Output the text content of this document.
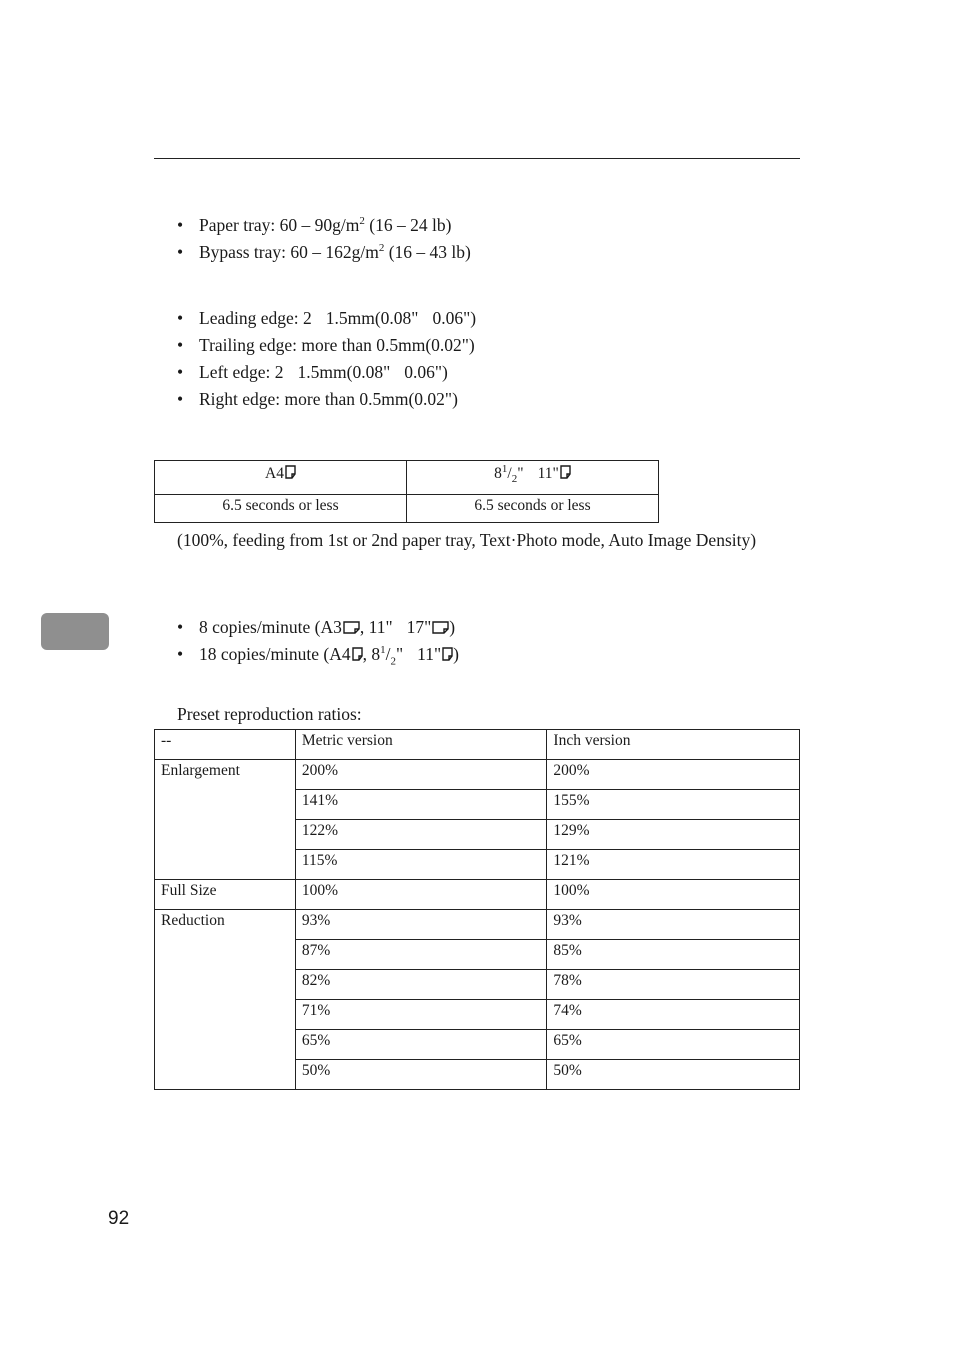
• Paper tray: $60 - 90g/m^2$ (16 – 24 lb)
• Bypass tray: $60 - 162g/m^2$ (16 – 43 lb)
• Leading edge: 2 1.5mm(0.08" 0.06")
• Trailing edge: more than 0.5mm(0.02")
• Left edge: 2 1.5mm(0.08" 0.06")
• Right edge: more than 0.5mm(0.02")
A4	$8^1/_2$" 11"

6.5 seconds or less	6.5 seconds or less

(100%, feeding from 1st or 2nd paper tray, Text·Photo mode, Auto Image Density)

• 8 copies/minute (A3 , 11" 17" )
• 18 copies/minute (A4 , $8^1/_2$" 11" )

Preset reproduction ratios:

--	Metric version	Inch version
Enlargement	200%	200%
	141%	155%
	122%	129%
	115%	121%
Full Size	100%	100%
Reduction	93%	93%
	87%	85%
	82%	78%
	71%	74%
	65%	65%
	50%	50%
92
